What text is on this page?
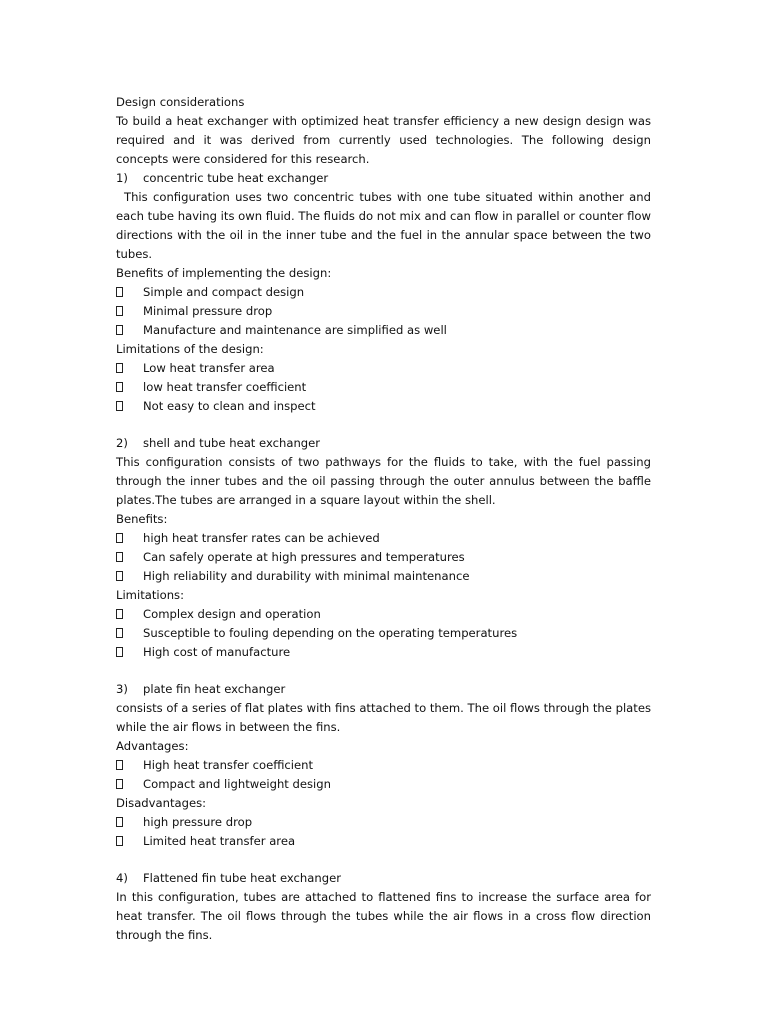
Design considerations
To build a heat exchanger with optimized heat transfer efficiency a new design design was required and it was derived from currently used technologies. The following design concepts were considered for this research.
1)	concentric tube heat exchanger
This configuration uses two concentric tubes with one tube situated within another and each tube having its own fluid. The fluids do not mix and can flow in parallel or counter flow directions with the oil in the inner tube and the fuel in the annular space between the two tubes.
Benefits of implementing the design:
Simple and compact design
Minimal pressure drop
Manufacture and maintenance are simplified as well
Limitations of the design:
Low heat transfer area
low heat transfer coefficient
Not easy to clean and inspect
2)	shell and tube heat exchanger
This configuration consists of two pathways for the fluids to take, with the fuel passing through the inner tubes and the oil passing through the outer annulus between the baffle plates.The tubes are arranged in a square layout within the shell.
Benefits:
high heat transfer rates can be achieved
Can safely operate at high pressures and temperatures
High reliability and durability with minimal maintenance
Limitations:
Complex design and operation
Susceptible to fouling depending on the operating temperatures
High cost of manufacture
3)	plate fin heat exchanger
consists of a series of flat plates with fins attached to them. The oil flows through the plates while the air flows in between the fins.
Advantages:
High heat transfer coefficient
Compact and lightweight design
Disadvantages:
high pressure drop
Limited heat transfer area
4)	Flattened fin tube heat exchanger
In this configuration, tubes are attached to flattened fins to increase the surface area for heat transfer. The oil flows through the tubes while the air flows in a cross flow direction through the fins.
